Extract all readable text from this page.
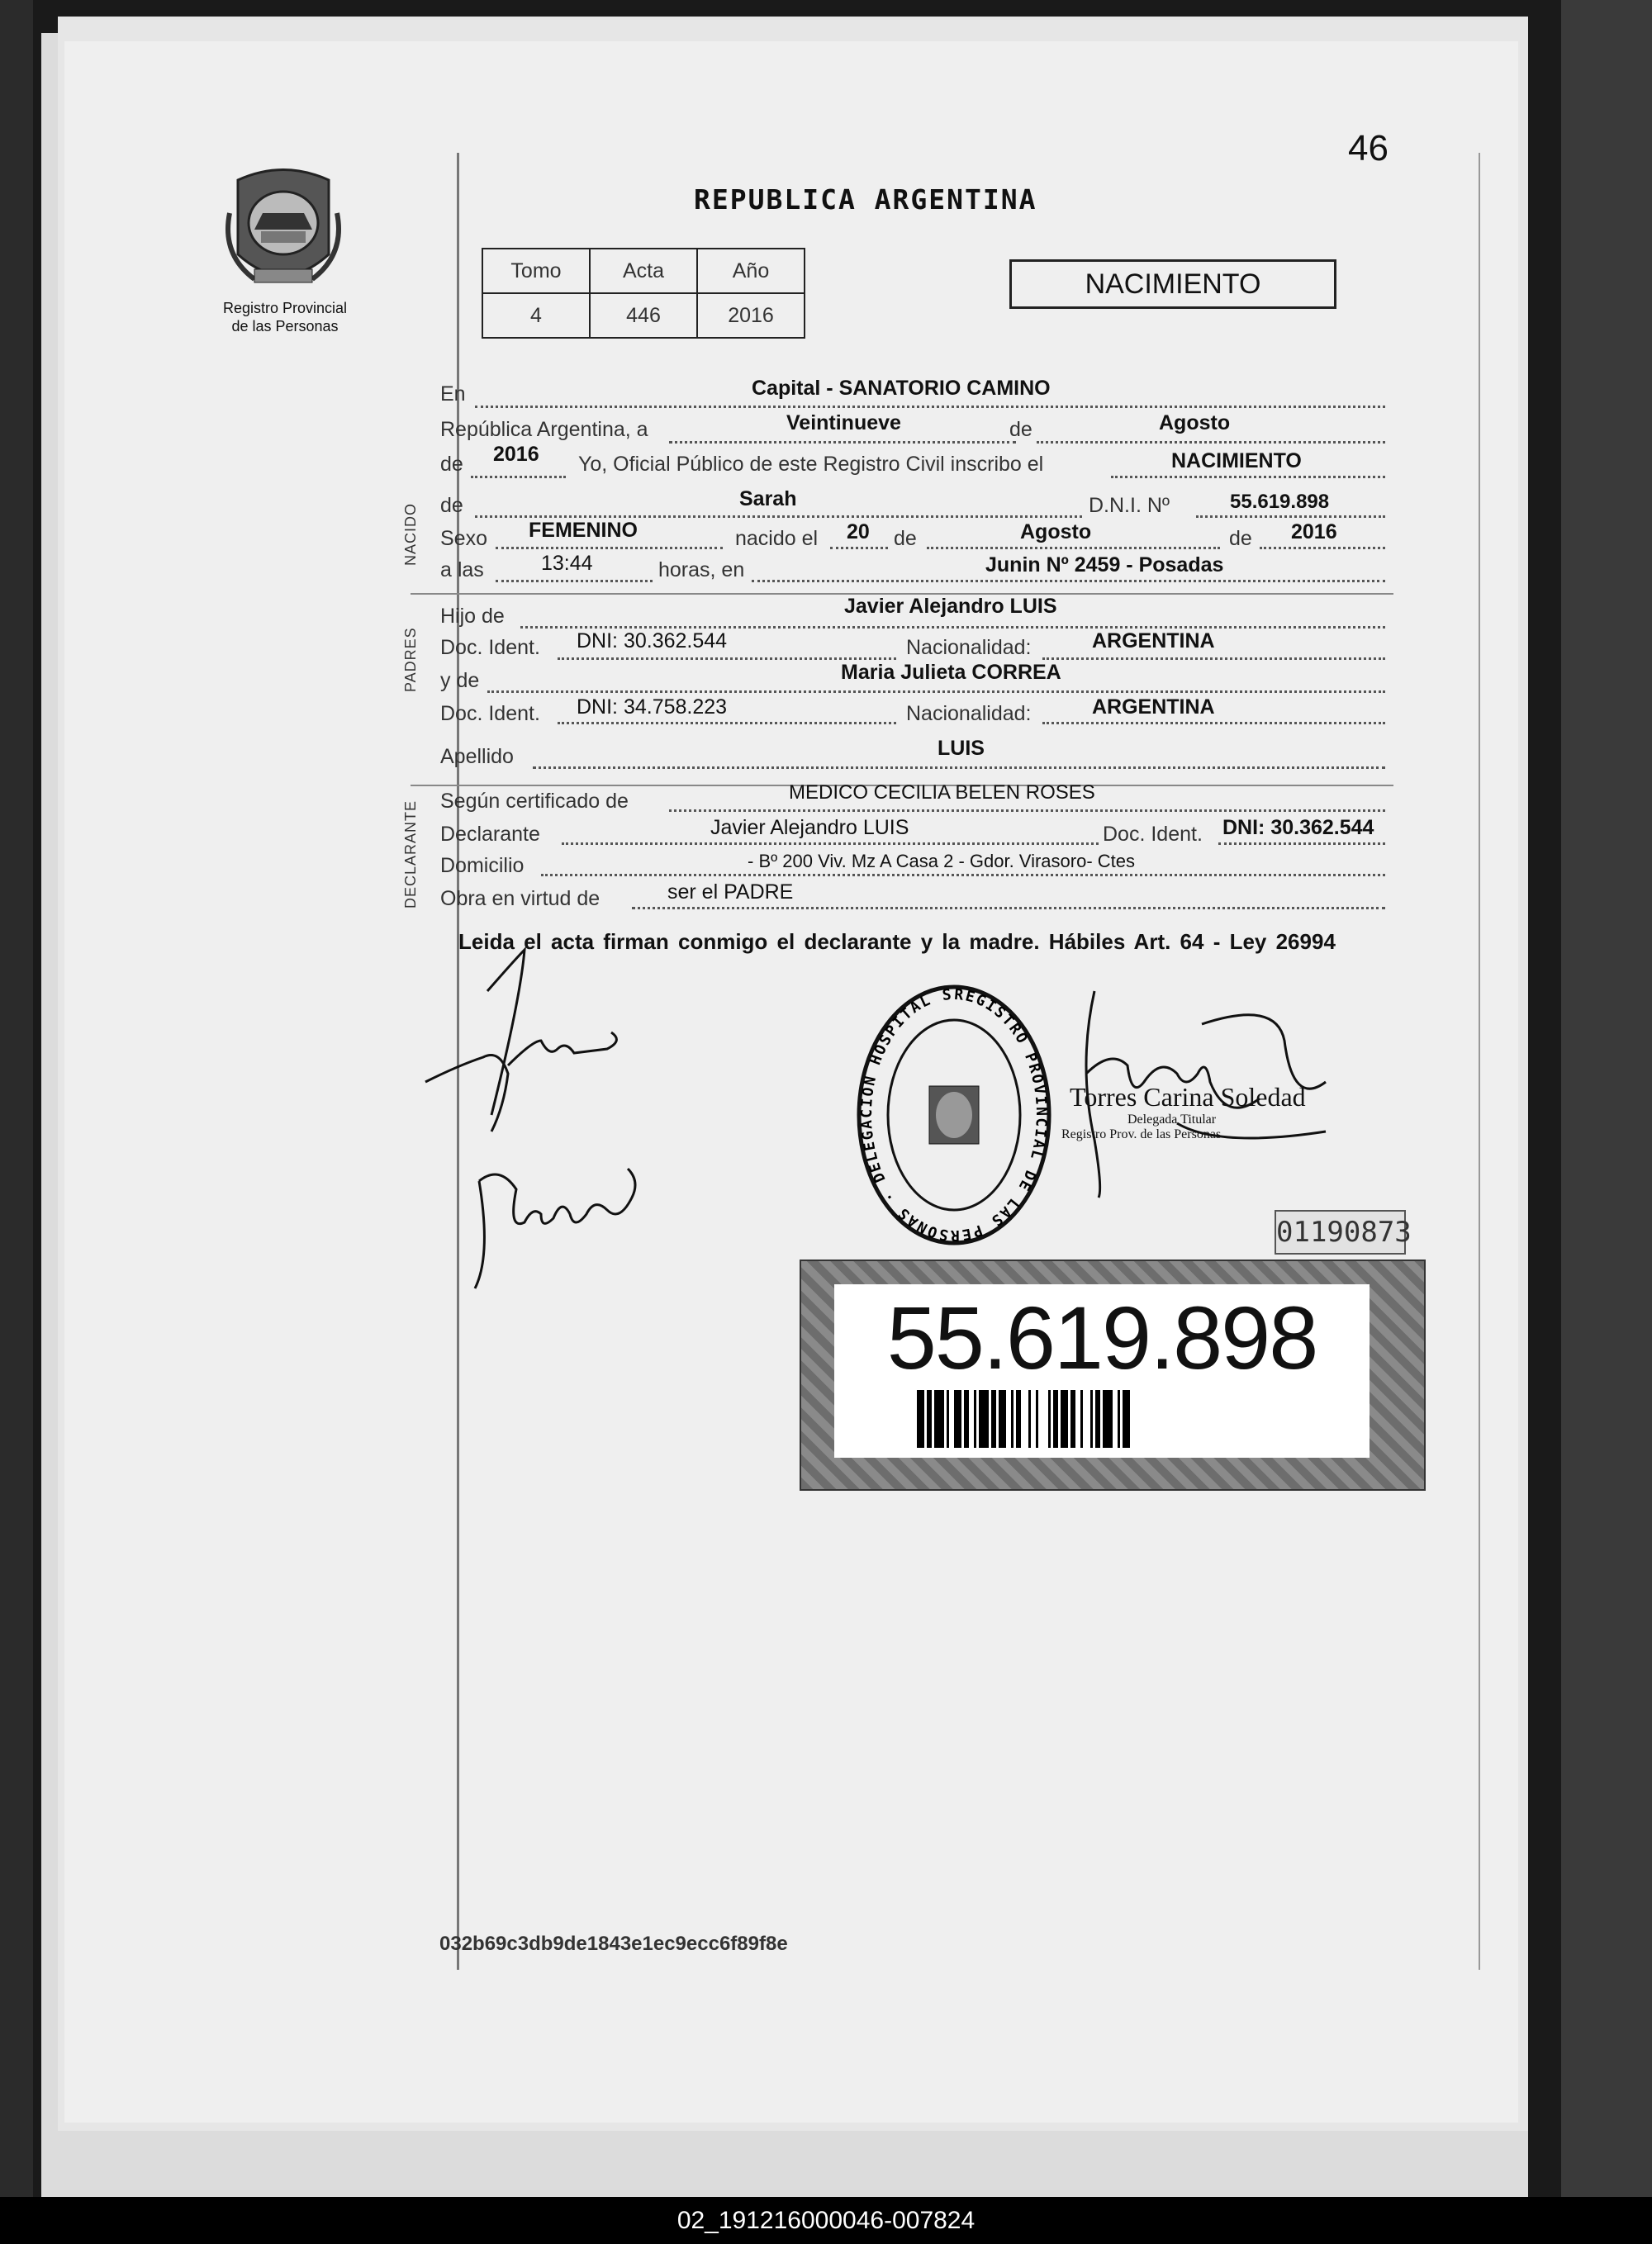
46
REPUBLICA ARGENTINA
Registro Provincial
de las Personas
Tomo	Acta	Año
4	446	2016
NACIMIENTO
NACIDO
PADRES
DECLARANTE
En	Capital - SANATORIO CAMINO
República Argentina, a	Veintinueve	de	Agosto
de 2016 Yo, Oficial Público de este Registro Civil inscribo el	NACIMIENTO
de	Sarah	D.N.I. Nº	55.619.898
Sexo FEMENINO	nacido el 20 de	Agosto	de 2016
a las	13:44	horas, en	Junin Nº 2459 - Posadas
Hijo de	Javier Alejandro LUIS
Doc. Ident. DNI: 30.362.544	Nacionalidad:	ARGENTINA
y de	Maria Julieta CORREA
Doc. Ident. DNI: 34.758.223	Nacionalidad:	ARGENTINA
Apellido	LUIS
Según certificado de	MEDICO CECILIA BELEN ROSES
Declarante	Javier Alejandro LUIS	Doc. Ident. DNI: 30.362.544
Domicilio	- Bº 200 Viv. Mz A Casa 2 - Gdor. Virasoro- Ctes
Obra en virtud de	ser el PADRE
Leida el acta firman conmigo el declarante y la madre. Hábiles Art. 64 - Ley 26994
REGISTRO PROVINCIAL DE LAS PERSONAS · DELEGACION HOSPITAL S
Torres Carina Soledad
Delegada Titular
Registro Prov. de las Personas
01190873
55.619.898
032b69c3db9de1843e1ec9ecc6f89f8e
02_191216000046-007824
